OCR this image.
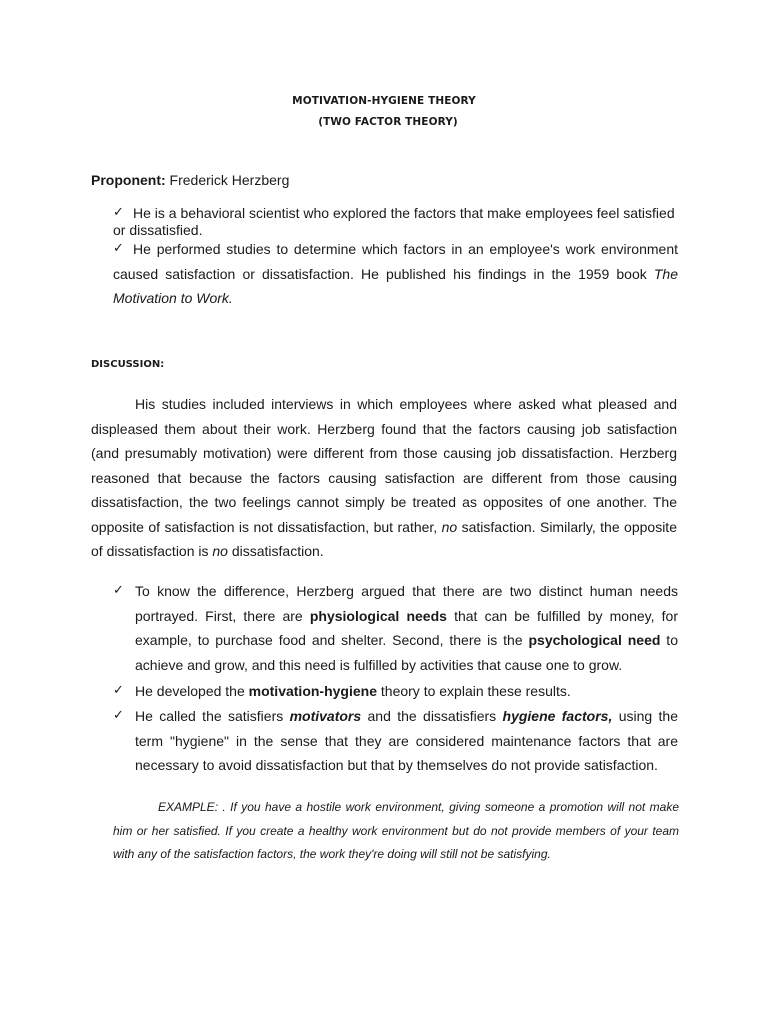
MOTIVATION-HYGIENE THEORY
(TWO FACTOR THEORY)
Proponent: Frederick Herzberg
✓ He is a behavioral scientist who explored the factors that make employees feel satisfied
or dissatisfied.
✓ He performed studies to determine which factors in an employee's work environment caused satisfaction or dissatisfaction. He published his findings in the 1959 book The Motivation to Work.
DISCUSSION:
His studies included interviews in which employees where asked what pleased and displeased them about their work. Herzberg found that the factors causing job satisfaction (and presumably motivation) were different from those causing job dissatisfaction. Herzberg reasoned that because the factors causing satisfaction are different from those causing dissatisfaction, the two feelings cannot simply be treated as opposites of one another. The opposite of satisfaction is not dissatisfaction, but rather, no satisfaction. Similarly, the opposite of dissatisfaction is no dissatisfaction.
✓ To know the difference, Herzberg argued that there are two distinct human needs portrayed. First, there are physiological needs that can be fulfilled by money, for example, to purchase food and shelter. Second, there is the psychological need to achieve and grow, and this need is fulfilled by activities that cause one to grow.
✓ He developed the motivation-hygiene theory to explain these results.
✓ He called the satisfiers motivators and the dissatisfiers hygiene factors, using the term "hygiene" in the sense that they are considered maintenance factors that are necessary to avoid dissatisfaction but that by themselves do not provide satisfaction.
EXAMPLE: . If you have a hostile work environment, giving someone a promotion will not make him or her satisfied. If you create a healthy work environment but do not provide members of your team with any of the satisfaction factors, the work they're doing will still not be satisfying.
